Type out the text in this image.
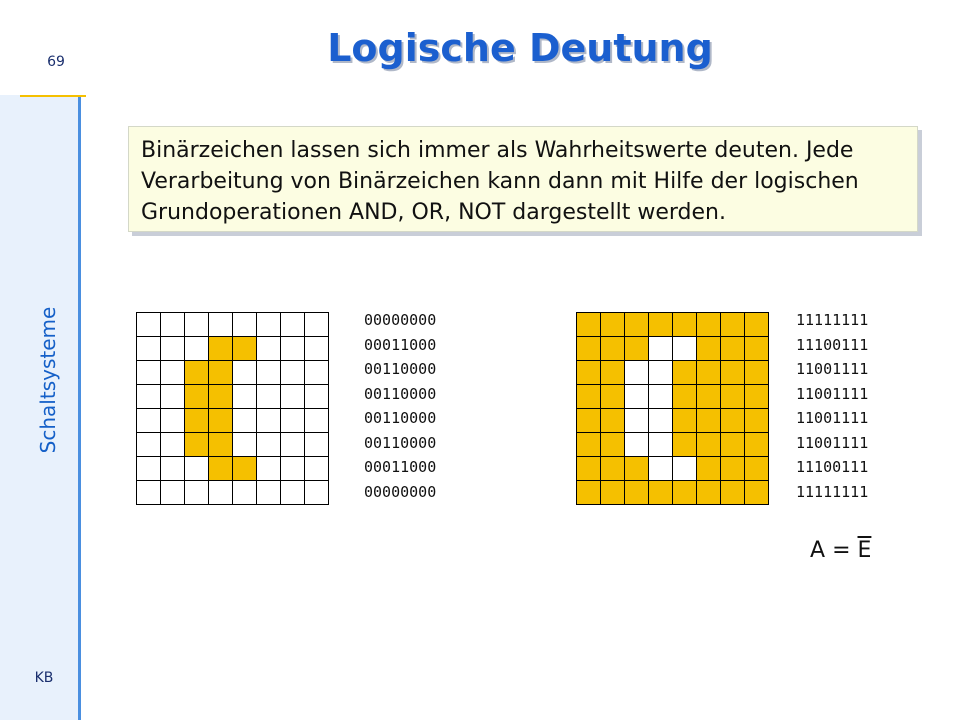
69
Schaltsysteme
KB
Logische Deutung
Binärzeichen lassen sich immer als Wahrheitswerte deuten. Jede Verarbeitung von Binärzeichen kann dann mit Hilfe der logischen Grundoperationen AND, OR, NOT dargestellt werden.
00000000
00011000
00110000
00110000
00110000
00110000
00011000
00000000
11111111
11100111
11001111
11001111
11001111
11001111
11100111
11111111
$A = \overline{E}$
